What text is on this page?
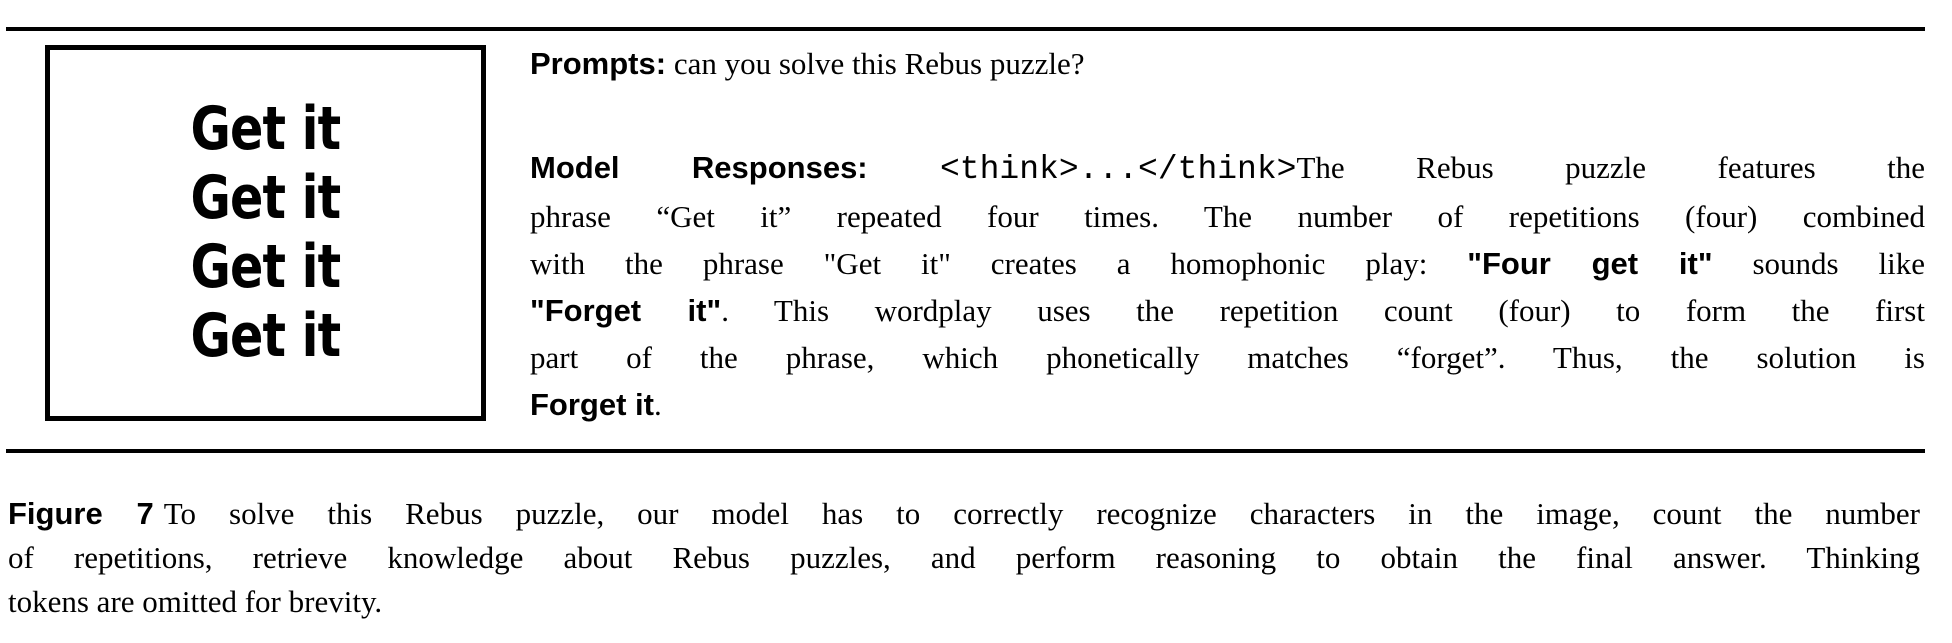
Get it
Get it
Get it
Get it
Prompts: can you solve this Rebus puzzle?
Model Responses: <think>...</think>The Rebus puzzle features the
phrase “Get it” repeated four times. The number of repetitions (four) combined
with the phrase "Get it" creates a homophonic play: "Four get it" sounds like
"Forget it". This wordplay uses the repetition count (four) to form the first
part of the phrase, which phonetically matches “forget”. Thus, the solution is
Forget it.
Figure 7 To solve this Rebus puzzle, our model has to correctly recognize characters in the image, count the number
of repetitions, retrieve knowledge about Rebus puzzles, and perform reasoning to obtain the final answer. Thinking
tokens are omitted for brevity.
